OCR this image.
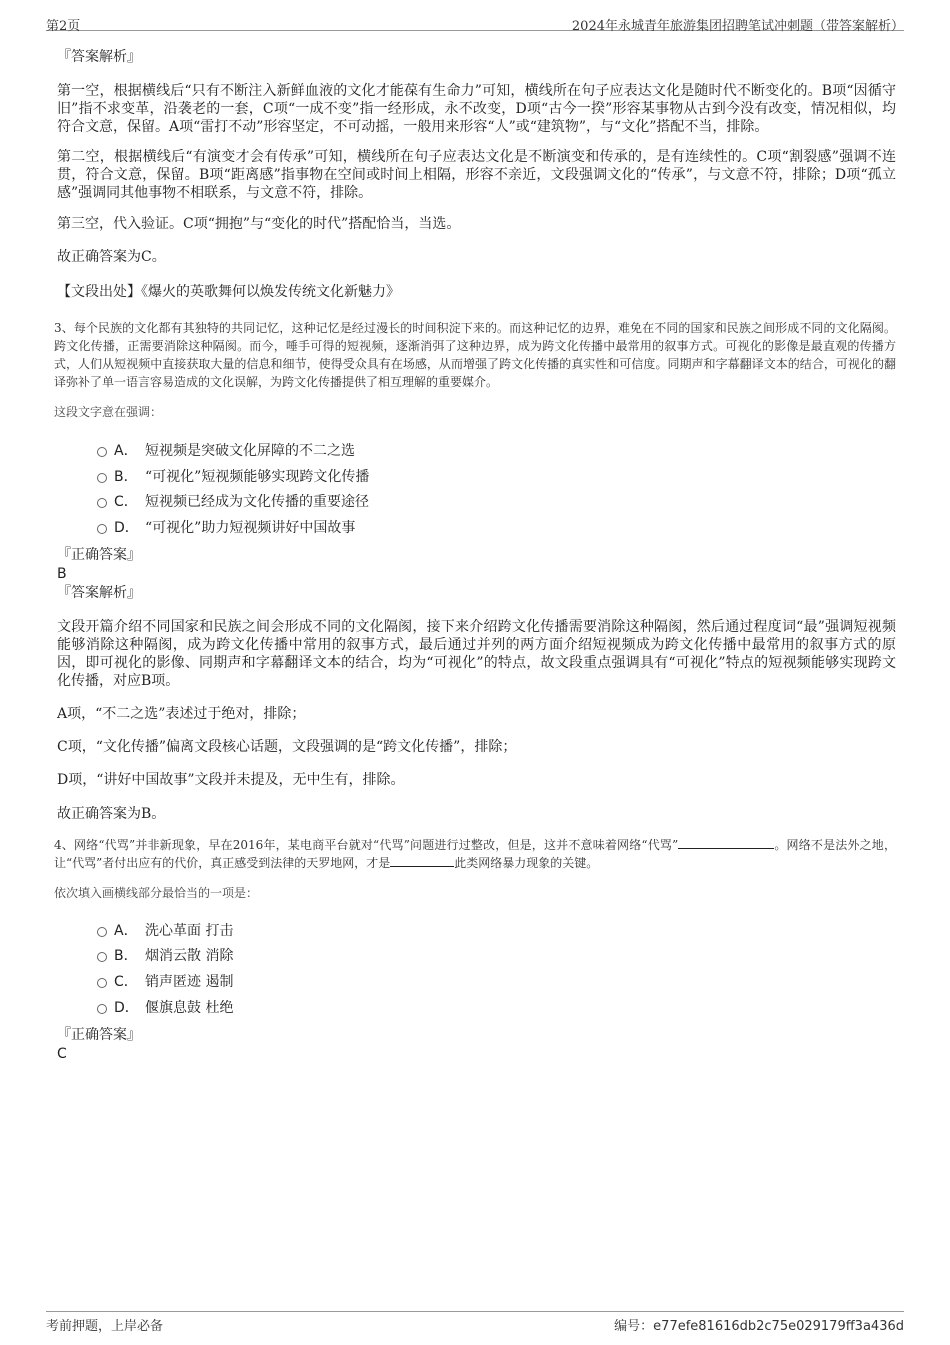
第2页	2024年永城青年旅游集团招聘笔试冲刺题（带答案解析）

『答案解析』

第一空，根据横线后“只有不断注入新鲜血液的文化才能葆有生命力”可知，横线所在句子应表达文化是随时代不断变化的。B项“因循守旧”指不求变革，沿袭老的一套，C项“一成不变”指一经形成，永不改变，D项“古今一揆”形容某事物从古到今没有改变，情况相似，均符合文意，保留。A项“雷打不动”形容坚定，不可动摇，一般用来形容“人”或“建筑物”，与“文化”搭配不当，排除。

第二空，根据横线后“有演变才会有传承”可知，横线所在句子应表达文化是不断演变和传承的，是有连续性的。C项“割裂感”强调不连贯，符合文意，保留。B项“距离感”指事物在空间或时间上相隔，形容不亲近，文段强调文化的“传承”，与文意不符，排除；D项“孤立感”强调同其他事物不相联系，与文意不符，排除。

第三空，代入验证。C项“拥抱”与“变化的时代”搭配恰当，当选。

故正确答案为C。

【文段出处】《爆火的英歌舞何以焕发传统文化新魅力》

3、每个民族的文化都有其独特的共同记忆，这种记忆是经过漫长的时间积淀下来的。而这种记忆的边界，难免在不同的国家和民族之间形成不同的文化隔阂。跨文化传播，正需要消除这种隔阂。而今，唾手可得的短视频，逐渐消弭了这种边界，成为跨文化传播中最常用的叙事方式。可视化的影像是最直观的传播方式，人们从短视频中直接获取大量的信息和细节，使得受众具有在场感，从而增强了跨文化传播的真实性和可信度。同期声和字幕翻译文本的结合，可视化的翻译弥补了单一语言容易造成的文化误解，为跨文化传播提供了相互理解的重要媒介。

这段文字意在强调：

A． 短视频是突破文化屏障的不二之选
B． “可视化”短视频能够实现跨文化传播
C． 短视频已经成为文化传播的重要途径
D． “可视化”助力短视频讲好中国故事

『正确答案』

B

『答案解析』

文段开篇介绍不同国家和民族之间会形成不同的文化隔阂，接下来介绍跨文化传播需要消除这种隔阂，然后通过程度词“最”强调短视频能够消除这种隔阂，成为跨文化传播中常用的叙事方式，最后通过并列的两方面介绍短视频成为跨文化传播中最常用的叙事方式的原因，即可视化的影像、同期声和字幕翻译文本的结合，均为“可视化”的特点，故文段重点强调具有“可视化”特点的短视频能够实现跨文化传播，对应B项。

A项，“不二之选”表述过于绝对，排除；

C项，“文化传播”偏离文段核心话题，文段强调的是“跨文化传播”，排除；

D项，“讲好中国故事”文段并未提及，无中生有，排除。

故正确答案为B。

4、网络“代骂”并非新现象，早在2016年，某电商平台就对“代骂”问题进行过整改，但是，这并不意味着网络“代骂”	。网络不是法外之地，让“代骂”者付出应有的代价，真正感受到法律的天罗地网，才是	此类网络暴力现象的关键。

依次填入画横线部分最恰当的一项是：

A． 洗心革面 打击
B． 烟消云散 消除
C． 销声匿迹 遏制
D． 偃旗息鼓 杜绝

『正确答案』

C

考前押题，上岸必备	编号：e77efe81616db2c75e029179ff3a436d
